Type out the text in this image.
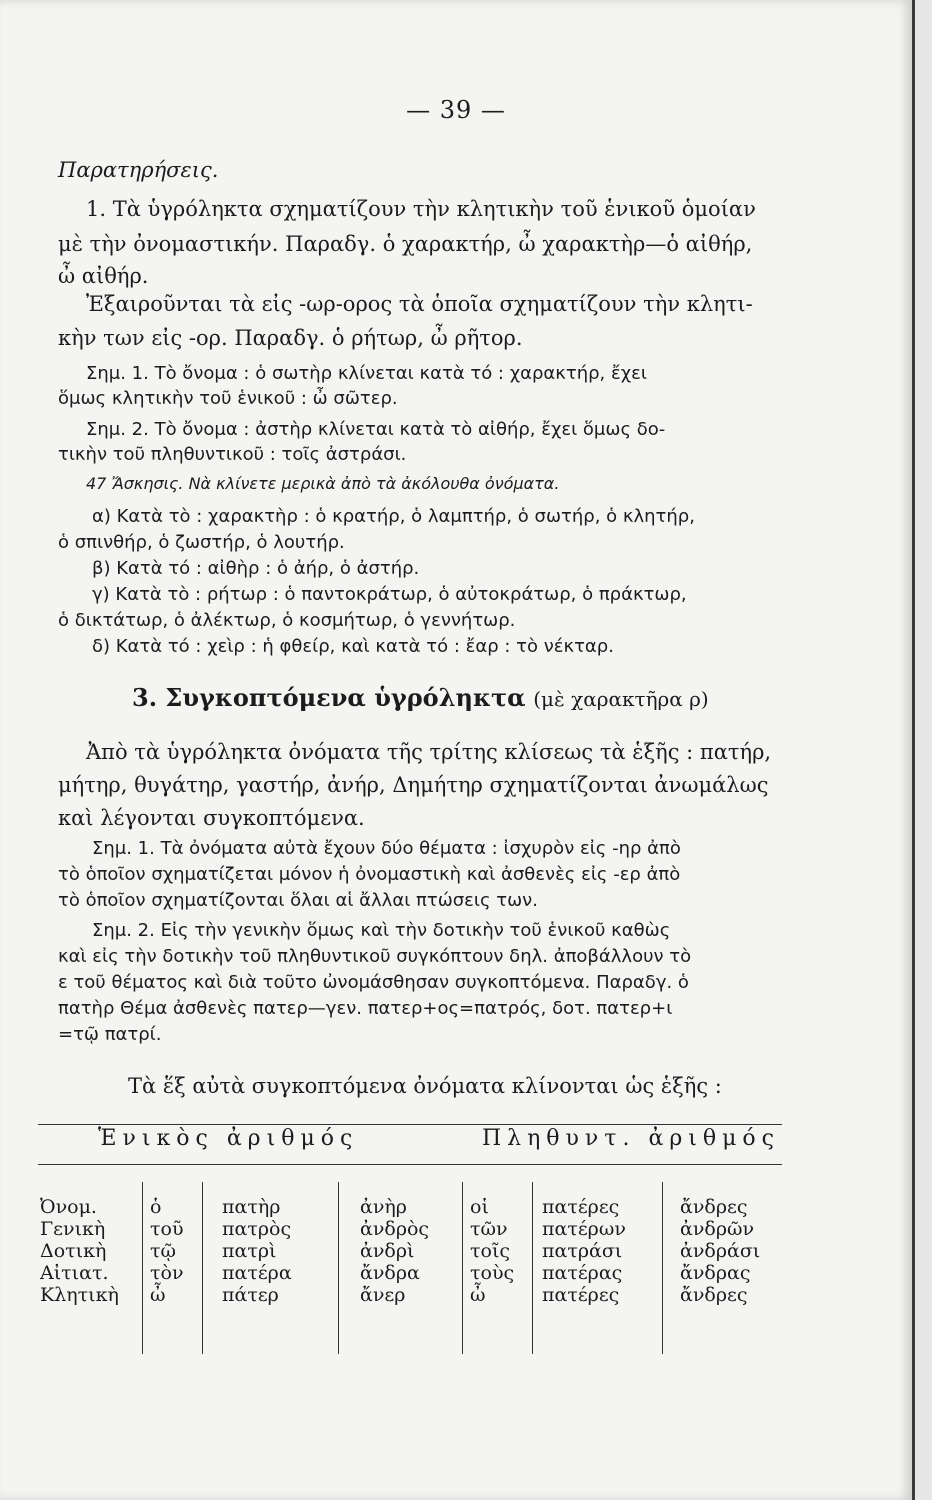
— 39 —
Παρατηρήσεις.
1. Τὰ ὑγρόληκτα σχηματίζουν τὴν κλητικὴν τοῦ ἑνικοῦ ὁμοίαν
μὲ τὴν ὀνομαστικήν. Παραδγ. ὁ χαρακτήρ, ὦ χαρακτὴρ—ὁ αἰθήρ,
ὦ αἰθήρ.
Ἐξαιροῦνται τὰ εἰς -ωρ-ορος τὰ ὁποῖα σχηματίζουν τὴν κλητι-
κὴν των εἰς -ορ. Παραδγ. ὁ ρήτωρ, ὦ ρῆτορ.
Σημ. 1. Τὸ ὄνομα : ὁ σωτὴρ κλίνεται κατὰ τό : χαρακτήρ, ἔχει
ὅμως κλητικὴν τοῦ ἑνικοῦ : ὦ σῶτερ.
Σημ. 2. Τὸ ὄνομα : ἀστὴρ κλίνεται κατὰ τὸ αἰθήρ, ἔχει ὅμως δο-
τικὴν τοῦ πληθυντικοῦ : τοῖς ἀστράσι.
47 Ἄσκησις. Νὰ κλίνετε μερικὰ ἀπὸ τὰ ἀκόλουθα ὀνόματα.
α) Κατὰ τὸ : χαρακτὴρ : ὁ κρατήρ, ὁ λαμπτήρ, ὁ σωτήρ, ὁ κλητήρ,
ὁ σπινθήρ, ὁ ζωστήρ, ὁ λουτήρ.
β) Κατὰ τό : αἰθὴρ : ὁ ἀήρ, ὁ ἀστήρ.
γ) Κατὰ τὸ : ρήτωρ : ὁ παντοκράτωρ, ὁ αὐτοκράτωρ, ὁ πράκτωρ,
ὁ δικτάτωρ, ὁ ἀλέκτωρ, ὁ κοσμήτωρ, ὁ γεννήτωρ.
δ) Κατὰ τό : χεὶρ : ἡ φθείρ, καὶ κατὰ τό : ἔαρ : τὸ νέκταρ.
3. Συγκοπτόμενα ὑγρόληκτα (μὲ χαρακτῆρα ρ)
Ἀπὸ τὰ ὑγρόληκτα ὀνόματα τῆς τρίτης κλίσεως τὰ ἑξῆς : πατήρ,
μήτηρ, θυγάτηρ, γαστήρ, ἀνήρ, Δημήτηρ σχηματίζονται ἀνωμάλως
καὶ λέγονται συγκοπτόμενα.
Σημ. 1. Τὰ ὀνόματα αὐτὰ ἔχουν δύο θέματα : ἰσχυρὸν εἰς -ηρ ἀπὸ
τὸ ὁποῖον σχηματίζεται μόνον ἡ ὀνομαστικὴ καὶ ἀσθενὲς εἰς -ερ ἀπὸ
τὸ ὁποῖον σχηματίζονται ὅλαι αἱ ἄλλαι πτώσεις των.
Σημ. 2. Εἰς τὴν γενικὴν ὅμως καὶ τὴν δοτικὴν τοῦ ἑνικοῦ καθὼς
καὶ εἰς τὴν δοτικὴν τοῦ πληθυντικοῦ συγκόπτουν δηλ. ἀποβάλλουν τὸ
ε τοῦ θέματος καὶ διὰ τοῦτο ὠνομάσθησαν συγκοπτόμενα. Παραδγ. ὁ
πατὴρ Θέμα ἀσθενὲς πατερ—γεν. πατερ+ος=πατρός, δοτ. πατερ+ι
=τῷ πατρί.
Τὰ ἕξ αὐτὰ συγκοπτόμενα ὀνόματα κλίνονται ὡς ἑξῆς :
Ἑνικὸς ἀριθμός	Πληθυντ. ἀριθμός
Ὀνομ.
Γενικὴ
Δοτικὴ
Αἰτιατ.
Κλητικὴ
ὁ
τοῦ
τῷ
τὸν
ὦ
πατὴρ
πατρὸς
πατρὶ
πατέρα
πάτερ
ἀνὴρ
ἀνδρὸς
ἀνδρὶ
ἄνδρα
ἄνερ
οἱ
τῶν
τοῖς
τοὺς
ὦ
πατέρες
πατέρων
πατράσι
πατέρας
πατέρες
ἄνδρες
ἀνδρῶν
ἀνδράσι
ἄνδρας
ἄνδρες
